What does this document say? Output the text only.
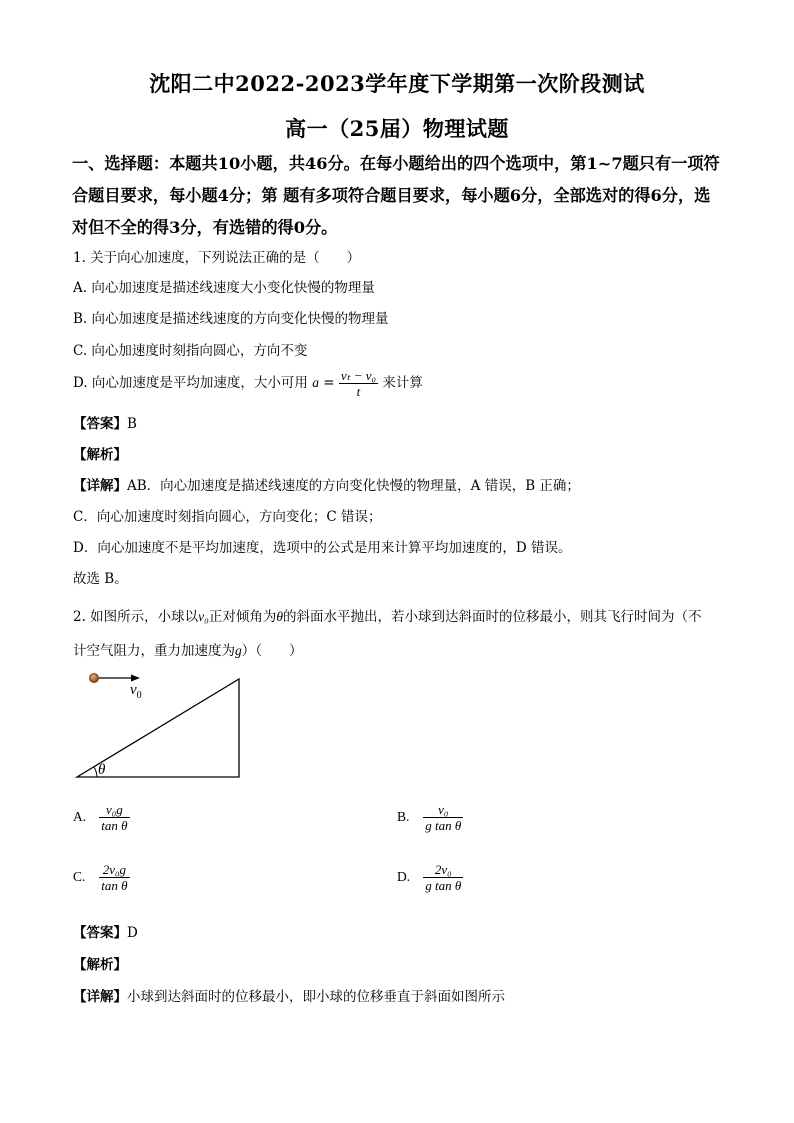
沈阳二中2022-2023学年度下学期第一次阶段测试
高一（25届）物理试题
一、选择题：本题共10小题，共46分。在每小题给出的四个选项中，第1~7题只有一项符合题目要求，每小题4分；第 题有多项符合题目要求，每小题6分，全部选对的得6分，选对但不全的得3分，有选错的得0分。
1. 关于向心加速度，下列说法正确的是（　　）
A. 向心加速度是描述线速度大小变化快慢的物理量
B. 向心加速度是描述线速度的方向变化快慢的物理量
C. 向心加速度时刻指向圆心，方向不变
D. 向心加速度是平均加速度，大小可用 $a = \frac{\text{vₜ − v₀}}{t}$ 来计算
【答案】B
【解析】
【详解】AB．向心加速度是描述线速度的方向变化快慢的物理量，A 错误，B 正确；
C．向心加速度时刻指向圆心，方向变化；C 错误；
D．向心加速度不是平均加速度，选项中的公式是用来计算平均加速度的，D 错误。
故选 B。
2. 如图所示，小球以v₀正对倾角为θ的斜面水平抛出，若小球到达斜面时的位移最小，则其飞行时间为（不
计空气阻力，重力加速度为g）（　　）
$v_0$
θ
A. $\frac{\text{v₀g}}{\text{tan θ}}$	B. $\frac{\text{v₀}}{\text{g tan θ}}$
C. $\frac{\text{2v₀g}}{\text{tan θ}}$	D. $\frac{\text{2v₀}}{\text{g tan θ}}$
【答案】D
【解析】
【详解】小球到达斜面时的位移最小，即小球的位移垂直于斜面如图所示
